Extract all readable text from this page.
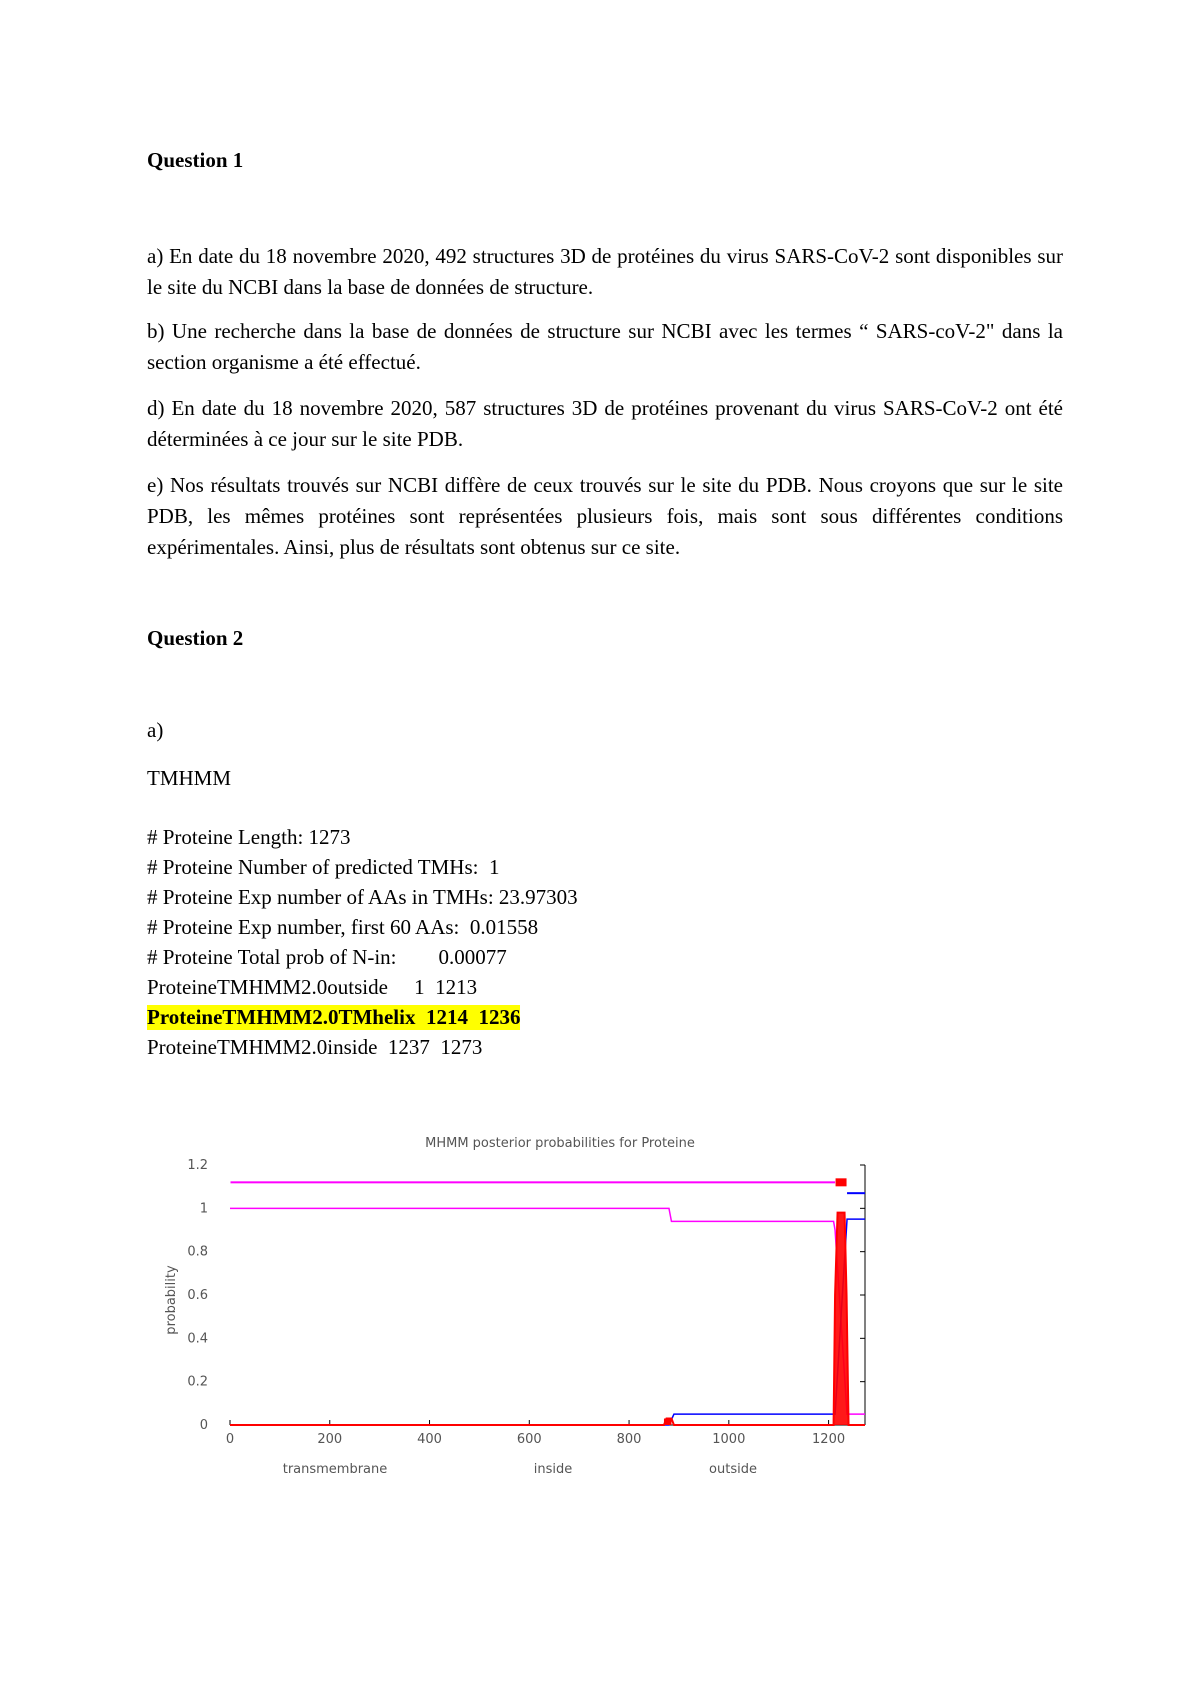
Question 1
a) En date du 18 novembre 2020, 492 structures 3D de protéines du virus SARS-CoV-2 sont disponibles sur le site du NCBI dans la base de données de structure.
b) Une recherche dans la base de données de structure sur NCBI avec les termes “ SARS-coV-2" dans la section organisme a été effectué.
d) En date du 18 novembre 2020, 587 structures 3D de protéines provenant du virus SARS-CoV-2 ont été déterminées à ce jour sur le site PDB.
e) Nos résultats trouvés sur NCBI diffère de ceux trouvés sur le site du PDB. Nous croyons que sur le site PDB, les mêmes protéines sont représentées plusieurs fois, mais sont sous différentes conditions expérimentales. Ainsi, plus de résultats sont obtenus sur ce site.
Question 2
a)
TMHMM
# Proteine Length: 1273
# Proteine Number of predicted TMHs:  1
# Proteine Exp number of AAs in TMHs: 23.97303
# Proteine Exp number, first 60 AAs:  0.01558
# Proteine Total prob of N-in:        0.00077
ProteineTMHMM2.0outside     1  1213
ProteineTMHMM2.0TMhelix  1214  1236
ProteineTMHMM2.0inside  1237  1273
MHMM posterior probabilities for Proteine
probability
0	200	400	600	800	1000	1200
0
0.2
0.4
0.6
0.8
1
1.2
transmembrane	inside	outside
